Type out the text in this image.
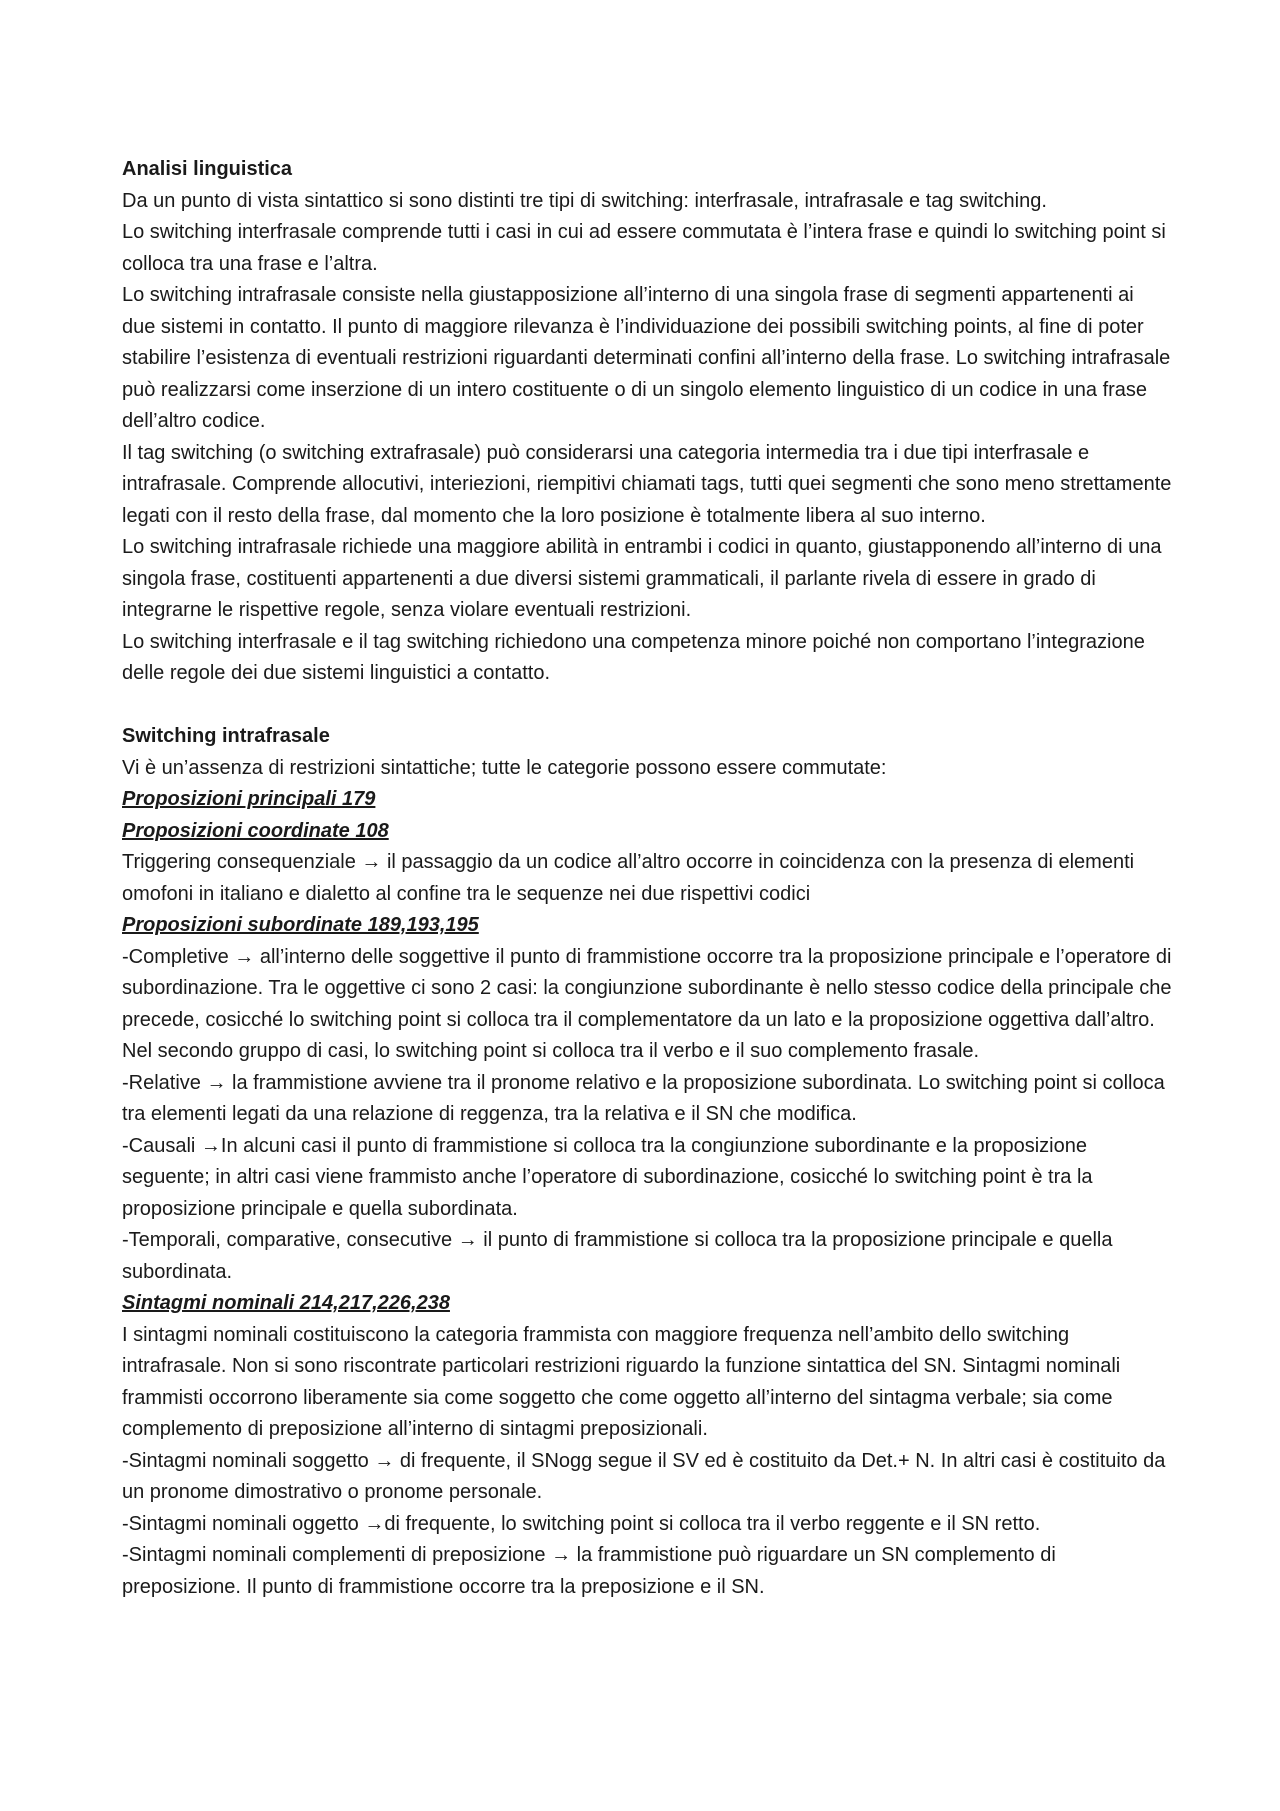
Analisi linguistica

Da un punto di vista sintattico si sono distinti tre tipi di switching: interfrasale, intrafrasale e tag switching.

Lo switching interfrasale comprende tutti i casi in cui ad essere commutata è l’intera frase e quindi lo switching point si colloca tra una frase e l’altra.

Lo switching intrafrasale consiste nella giustapposizione all’interno di una singola frase di segmenti appartenenti ai due sistemi in contatto. Il punto di maggiore rilevanza è l’individuazione dei possibili switching points, al fine di poter stabilire l’esistenza di eventuali restrizioni riguardanti determinati confini all’interno della frase. Lo switching intrafrasale può realizzarsi come inserzione di un intero costituente o di un singolo elemento linguistico di un codice in una frase dell’altro codice.

Il tag switching (o switching extrafrasale) può considerarsi una categoria intermedia tra i due tipi interfrasale e intrafrasale. Comprende allocutivi, interiezioni, riempitivi chiamati tags, tutti quei segmenti che sono meno strettamente legati con il resto della frase, dal momento che la loro posizione è totalmente libera al suo interno.

Lo switching intrafrasale richiede una maggiore abilità in entrambi i codici in quanto, giustapponendo all’interno di una singola frase, costituenti appartenenti a due diversi sistemi grammaticali, il parlante rivela di essere in grado di integrarne le rispettive regole, senza violare eventuali restrizioni.

Lo switching interfrasale e il tag switching richiedono una competenza minore poiché non comportano l’integrazione delle regole dei due sistemi linguistici a contatto.

Switching intrafrasale

Vi è un’assenza di restrizioni sintattiche; tutte le categorie possono essere commutate:

Proposizioni principali 179

Proposizioni coordinate 108

Triggering consequenziale → il passaggio da un codice all’altro occorre in coincidenza con la presenza di elementi omofoni in italiano e dialetto al confine tra le sequenze nei due rispettivi codici

Proposizioni subordinate 189,193,195

-Completive → all’interno delle soggettive il punto di frammistione occorre tra la proposizione principale e l’operatore di subordinazione. Tra le oggettive ci sono 2 casi: la congiunzione subordinante è nello stesso codice della principale che precede, cosicché lo switching point si colloca tra il complementatore da un lato e la proposizione oggettiva dall’altro. Nel secondo gruppo di casi, lo switching point si colloca tra il verbo e il suo complemento frasale.

-Relative → la frammistione avviene tra il pronome relativo e la proposizione subordinata. Lo switching point si colloca tra elementi legati da una relazione di reggenza, tra la relativa e il SN che modifica.

-Causali →In alcuni casi il punto di frammistione si colloca tra la congiunzione subordinante e la proposizione seguente; in altri casi viene frammisto anche l’operatore di subordinazione, cosicché lo switching point è tra la proposizione principale e quella subordinata.

-Temporali, comparative, consecutive → il punto di frammistione si colloca tra la proposizione principale e quella subordinata.

Sintagmi nominali 214,217,226,238

I sintagmi nominali costituiscono la categoria frammista con maggiore frequenza nell’ambito dello switching intrafrasale. Non si sono riscontrate particolari restrizioni riguardo la funzione sintattica del SN. Sintagmi nominali frammisti occorrono liberamente sia come soggetto che come oggetto all’interno del sintagma verbale; sia come complemento di preposizione all’interno di sintagmi preposizionali.

-Sintagmi nominali soggetto → di frequente, il SNogg segue il SV ed è costituito da Det.+ N. In altri casi è costituito da un pronome dimostrativo o pronome personale.

-Sintagmi nominali oggetto →di frequente, lo switching point si colloca tra il verbo reggente e il SN retto.

-Sintagmi nominali complementi di preposizione → la frammistione può riguardare un SN complemento di preposizione. Il punto di frammistione occorre tra la preposizione e il SN.
